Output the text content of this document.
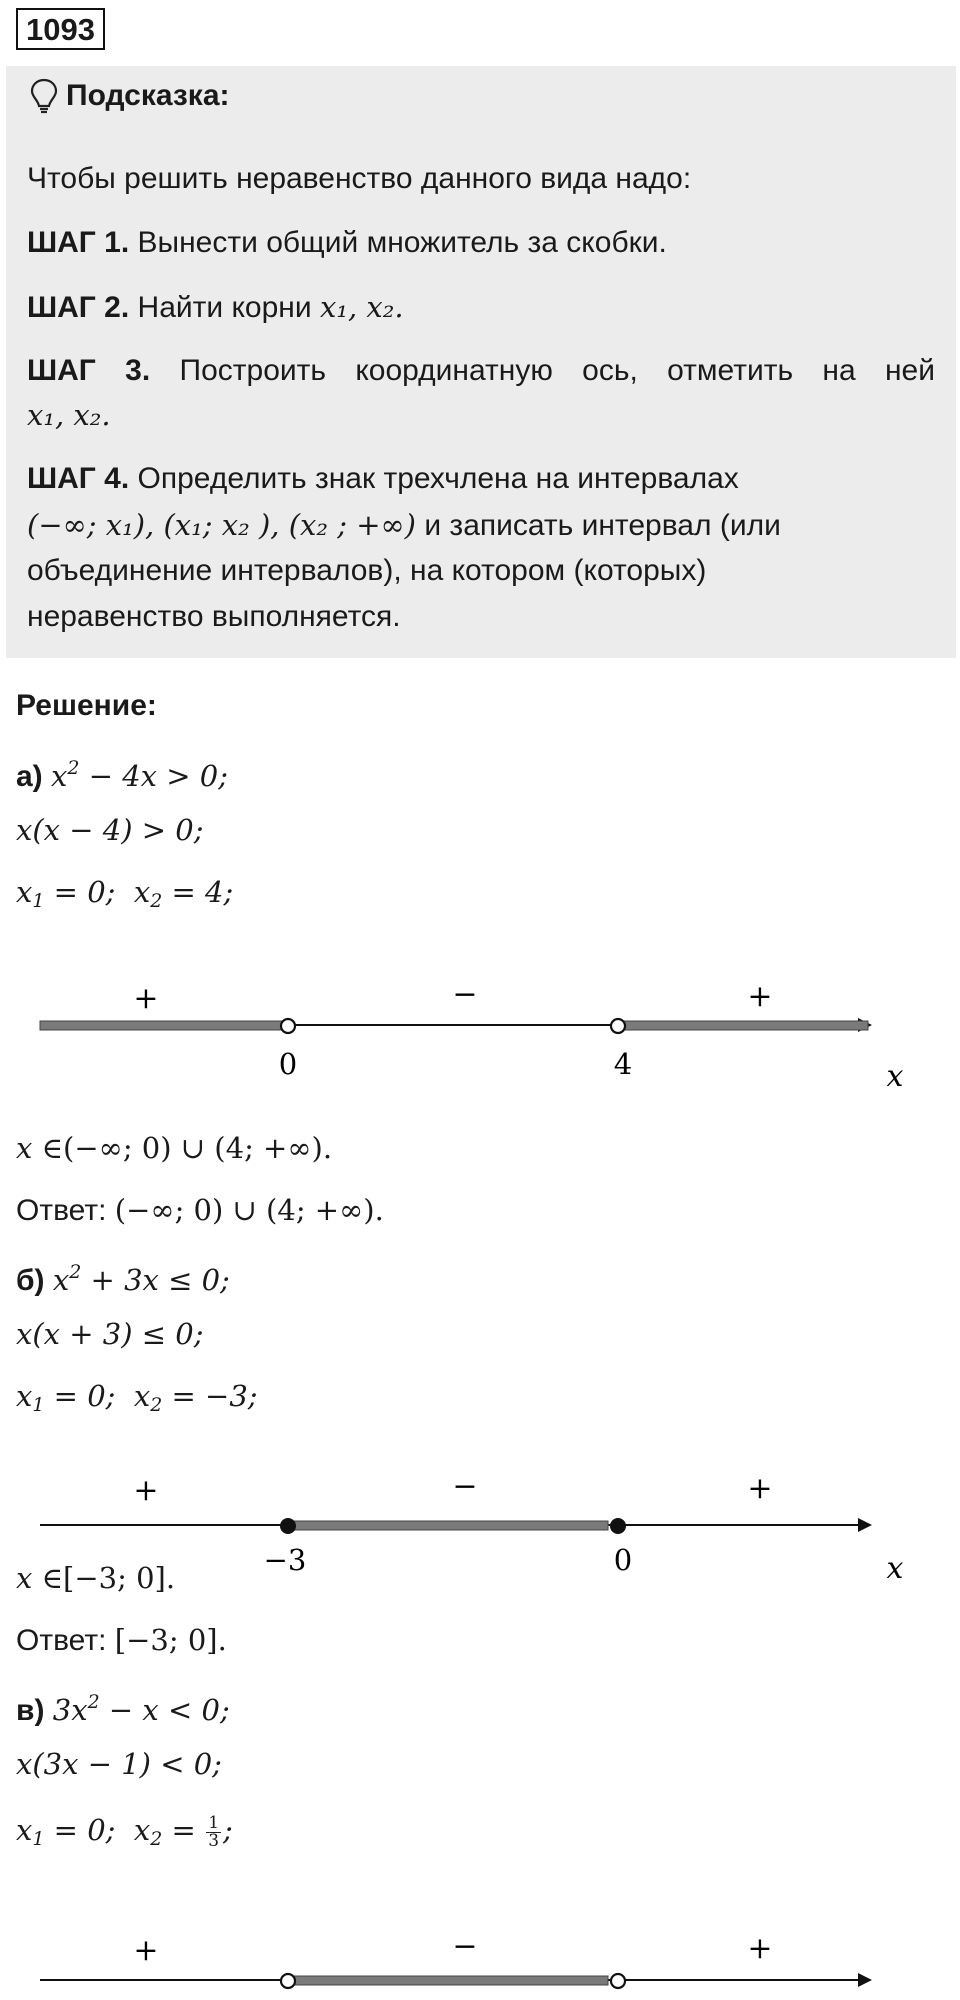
1093
Подсказка:

Чтобы решить неравенство данного вида надо:

ШАГ 1. Вынести общий множитель за скобки.

ШАГ 2. Найти корни x₁, x₂.

ШАГ 3. Построить координатную ось, отметить на ней

x₁, x₂.

ШАГ 4. Определить знак трехчлена на интервалах

(−∞; x₁), (x₁; x₂ ), (x₂ ; +∞) и записать интервал (или

объединение интервалов), на котором (которых)

неравенство выполняется.

Решение:
а) $x^2 - 4x > 0$;
x(x − 4) > 0;
$x_1 = 0$;  $x_2 = 4$;
+	−	+
0	4	x
x ∈(−∞; 0) ∪ (4; +∞).
Ответ: (−∞; 0) ∪ (4; +∞).
б) $x^2 + 3x \le 0$;
x(x + 3) ≤ 0;
$x_1 = 0$;  $x_2 = -3$;
+	−	+
−3	0	x
x ∈[−3; 0].
Ответ: [−3; 0].
в) $3x^2 - x < 0$;
x(3x − 1) < 0;
$x_1 = 0$;  $x_2 = \frac{1}{3}$ ;
+	−	+
